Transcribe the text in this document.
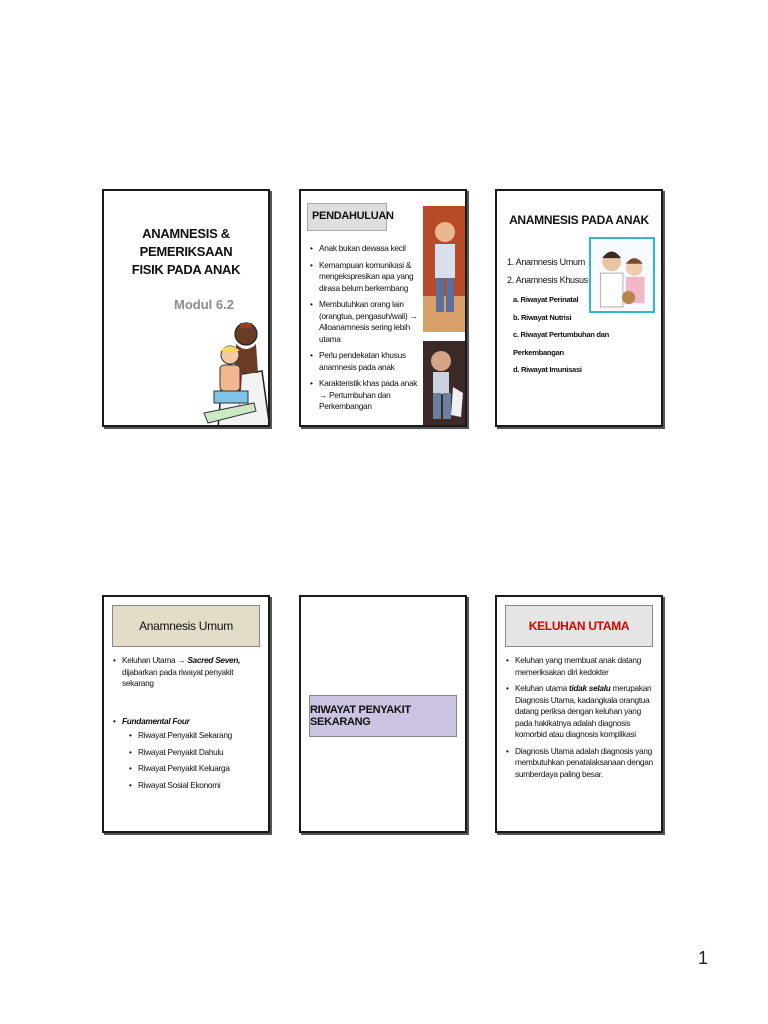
ANAMNESIS & PEMERIKSAAN
FISIK PADA ANAK
Modul 6.2
PENDAHULUAN
• Anak bukan dewasa kecil
• Kemampuan komunikasi & mengekspresikan apa yang dirasa belum berkembang
• Membutuhkan orang lain (orangtua, pengasuh/wali) → Alloanamnesis sering lebih utama
• Perlu pendekatan khusus anamnesis pada anak
• Karakteristik khas pada anak → Pertumbuhan dan Perkembangan
ANAMNESIS PADA ANAK
1. Anamnesis Umum
2. Anamnesis Khusus
a. Riwayat Perinatal
b. Riwayat Nutrisi
c. Riwayat Pertumbuhan dan Perkembangan
d. Riwayat Imunisasi
Anamnesis Umum
• Keluhan Utama → Sacred Seven, dijabarkan pada riwayat penyakit sekarang
• Fundamental Four
• Riwayat Penyakit Sekarang
• Riwayat Penyakit Dahulu
• Riwayat Penyakit Keluarga
• Riwayat Sosial Ekonomi
RIWAYAT PENYAKIT SEKARANG
KELUHAN UTAMA
• Keluhan yang membuat anak datang memeriksakan diri kedokter
• Keluhan utama tidak selalu merupakan Diagnosis Utama, kadangkala orangtua datang periksa dengan keluhan yang pada hakikatnya adalah diagnosis komorbid atau diagnosis komplikasi
• Diagnosis Utama adalah diagnosis yang membutuhkan penatalaksanaan dengan sumberdaya paling besar.
1
